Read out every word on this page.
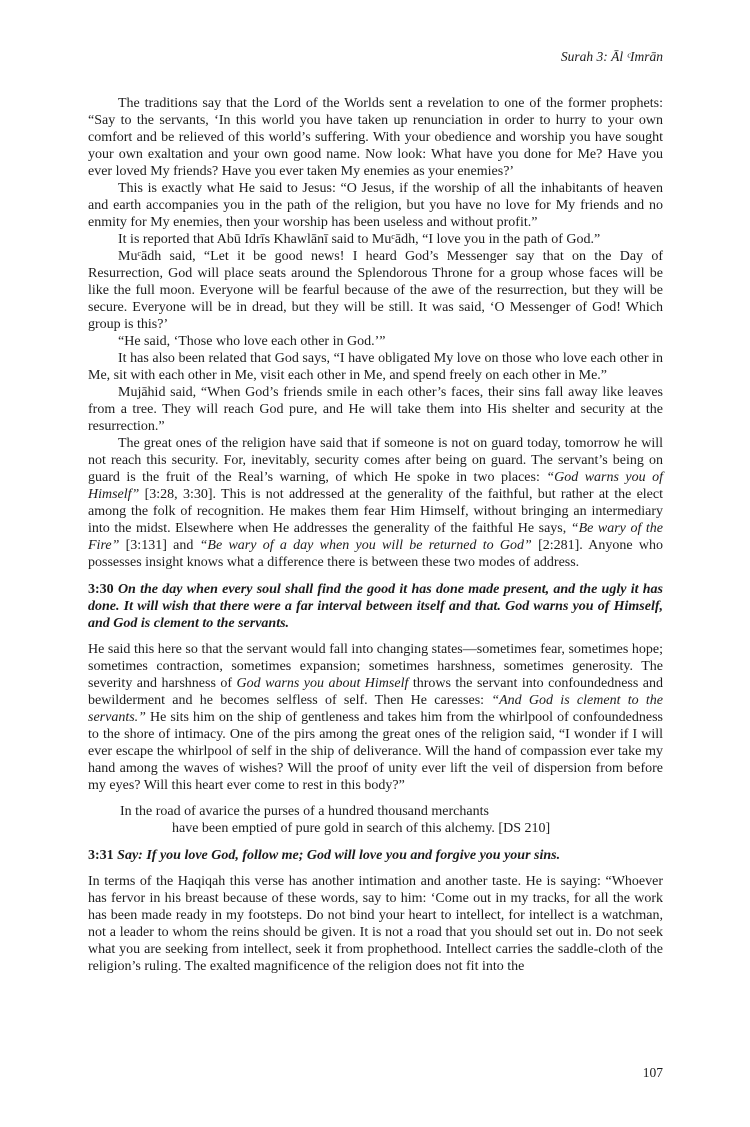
Surah 3: Āl ᶜImrān

The traditions say that the Lord of the Worlds sent a revelation to one of the former prophets: “Say to the servants, ‘In this world you have taken up renunciation in order to hurry to your own comfort and be relieved of this world’s suffering. With your obedience and worship you have sought your own exaltation and your own good name. Now look: What have you done for Me? Have you ever loved My friends? Have you ever taken My enemies as your enemies?’

This is exactly what He said to Jesus: “O Jesus, if the worship of all the inhabitants of heaven and earth accompanies you in the path of the religion, but you have no love for My friends and no enmity for My enemies, then your worship has been useless and without profit.”

It is reported that Abū Idrīs Khawlānī said to Muᶜādh, “I love you in the path of God.”

Muᶜādh said, “Let it be good news! I heard God’s Messenger say that on the Day of Resurrection, God will place seats around the Splendorous Throne for a group whose faces will be like the full moon. Everyone will be fearful because of the awe of the resurrection, but they will be secure. Everyone will be in dread, but they will be still. It was said, ‘O Messenger of God! Which group is this?’

“He said, ‘Those who love each other in God.’”

It has also been related that God says, “I have obligated My love on those who love each other in Me, sit with each other in Me, visit each other in Me, and spend freely on each other in Me.”

Mujāhid said, “When God’s friends smile in each other’s faces, their sins fall away like leaves from a tree. They will reach God pure, and He will take them into His shelter and security at the resurrection.”

The great ones of the religion have said that if someone is not on guard today, tomorrow he will not reach this security. For, inevitably, security comes after being on guard. The servant’s being on guard is the fruit of the Real’s warning, of which He spoke in two places: “God warns you of Himself” [3:28, 3:30]. This is not addressed at the generality of the faithful, but rather at the elect among the folk of recognition. He makes them fear Him Himself, without bringing an intermediary into the midst. Elsewhere when He addresses the generality of the faithful He says, “Be wary of the Fire” [3:131] and “Be wary of a day when you will be returned to God” [2:281]. Anyone who possesses insight knows what a difference there is between these two modes of address.

3:30 On the day when every soul shall find the good it has done made present, and the ugly it has done. It will wish that there were a far interval between itself and that. God warns you of Himself, and God is clement to the servants.

He said this here so that the servant would fall into changing states—sometimes fear, sometimes hope; sometimes contraction, sometimes expansion; sometimes harshness, sometimes generosity. The severity and harshness of God warns you about Himself throws the servant into confoundedness and bewilderment and he becomes selfless of self. Then He caresses: “And God is clement to the servants.” He sits him on the ship of gentleness and takes him from the whirlpool of confoundedness to the shore of intimacy. One of the pirs among the great ones of the religion said, “I wonder if I will ever escape the whirlpool of self in the ship of deliverance. Will the hand of compassion ever take my hand among the waves of wishes? Will the proof of unity ever lift the veil of dispersion from before my eyes? Will this heart ever come to rest in this body?”

In the road of avarice the purses of a hundred thousand merchants

have been emptied of pure gold in search of this alchemy. [DS 210]

3:31 Say: If you love God, follow me; God will love you and forgive you your sins.

In terms of the Haqiqah this verse has another intimation and another taste. He is saying: “Whoever has fervor in his breast because of these words, say to him: ‘Come out in my tracks, for all the work has been made ready in my footsteps. Do not bind your heart to intellect, for intellect is a watchman, not a leader to whom the reins should be given. It is not a road that you should set out in. Do not seek what you are seeking from intellect, seek it from prophethood. Intellect carries the saddle-cloth of the religion’s ruling. The exalted magnificence of the religion does not fit into the

107
